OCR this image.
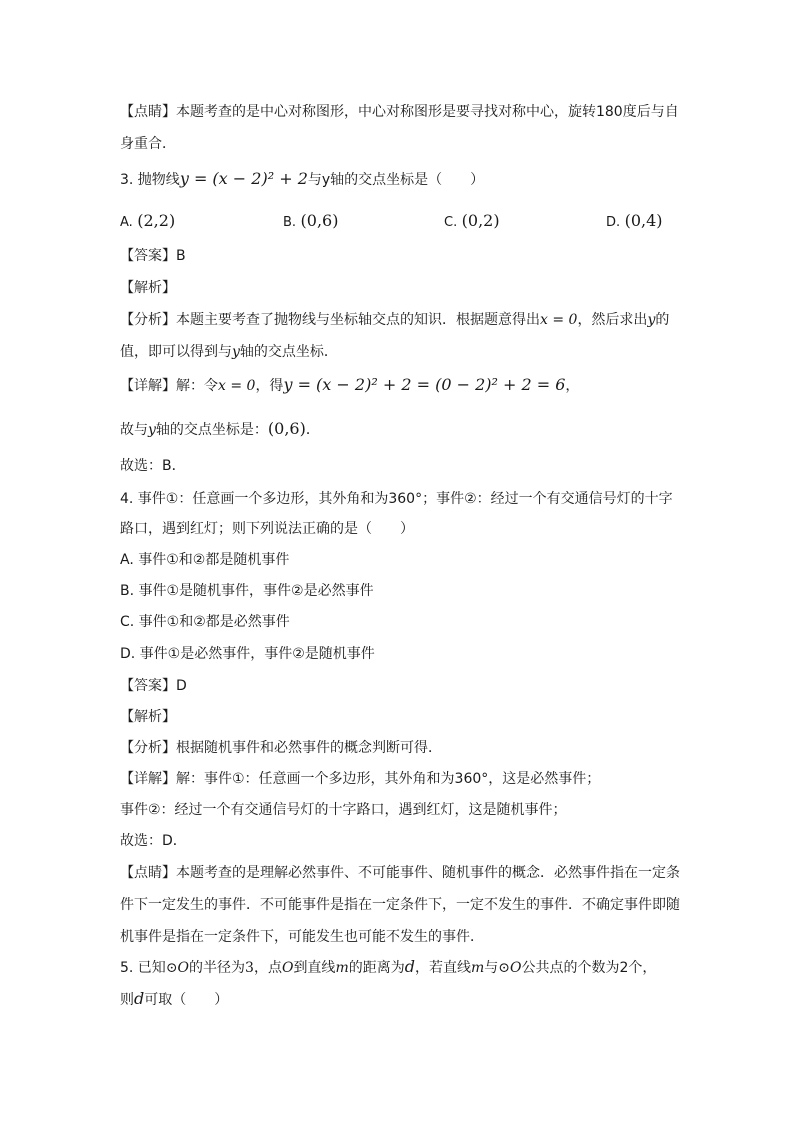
【点睛】本题考查的是中心对称图形，中心对称图形是要寻找对称中心，旋转180度后与自
身重合．
3. 抛物线y = (x − 2)² + 2与y轴的交点坐标是（　　）
A. (2,2)	B. (0,6)	C. (0,2)	D. (0,4)
【答案】B
【解析】
【分析】本题主要考查了抛物线与坐标轴交点的知识．根据题意得出x = 0，然后求出y的
值，即可以得到与y轴的交点坐标．
【详解】解：令x = 0，得y = (x − 2)² + 2 = (0 − 2)² + 2 = 6，
故与y轴的交点坐标是：(0,6)．
故选：B．
4. 事件①：任意画一个多边形，其外角和为360°；事件②：经过一个有交通信号灯的十字
路口，遇到红灯；则下列说法正确的是（　　）
A. 事件①和②都是随机事件
B. 事件①是随机事件，事件②是必然事件
C. 事件①和②都是必然事件
D. 事件①是必然事件，事件②是随机事件
【答案】D
【解析】
【分析】根据随机事件和必然事件的概念判断可得．
【详解】解：事件①：任意画一个多边形，其外角和为360°，这是必然事件；
事件②：经过一个有交通信号灯的十字路口，遇到红灯，这是随机事件；
故选：D．
【点睛】本题考查的是理解必然事件、不可能事件、随机事件的概念．必然事件指在一定条
件下一定发生的事件．不可能事件是指在一定条件下，一定不发生的事件．不确定事件即随
机事件是指在一定条件下，可能发生也可能不发生的事件．
5. 已知⊙O的半径为3，点O到直线m的距离为d，若直线m与⊙O公共点的个数为2个，
则d可取（　　）
